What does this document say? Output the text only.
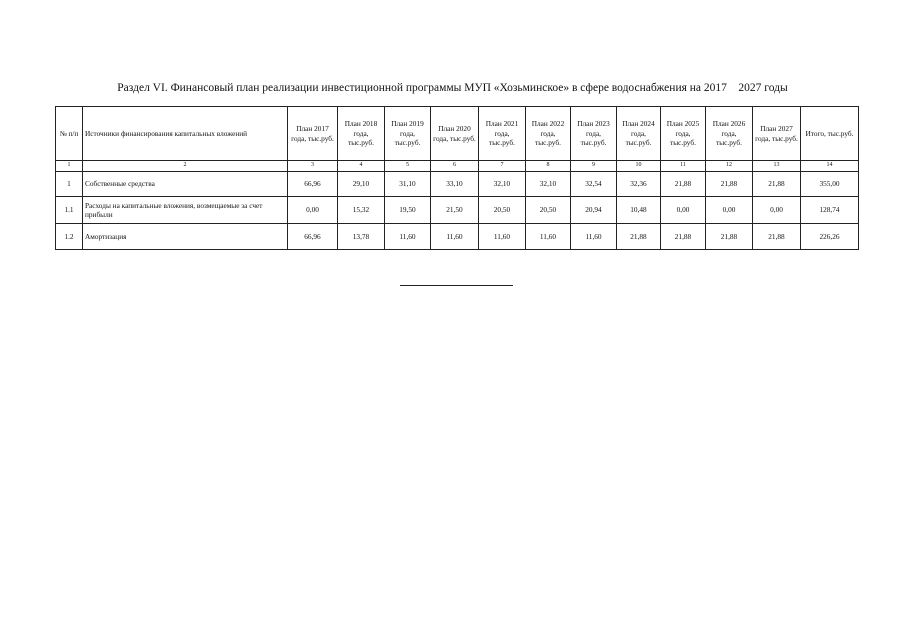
Раздел VI. Финансовый план реализации инвестиционной программы МУП «Хозьминское» в сфере водоснабжения на 2017    2027 годы
№ п/п	Источники финансирования капитальных вложений	План 2017 года, тыс.руб.	План 2018 года, тыс.руб.	План 2019 года, тыс.руб.	План 2020 года, тыс.руб.	План 2021 года, тыс.руб.	План 2022 года, тыс.руб.	План 2023 года, тыс.руб.	План 2024 года, тыс.руб.	План 2025 года, тыс.руб.	План 2026 года, тыс.руб.	План 2027 года, тыс.руб.	Итого, тыс.руб.
1	2	3	4	5	6	7	8	9	10	11	12	13	14
1	Собственные средства	66,96	29,10	31,10	33,10	32,10	32,10	32,54	32,36	21,88	21,88	21,88	355,00
1.1	Расходы на капитальные вложения, возмещаемые за счет прибыли	0,00	15,32	19,50	21,50	20,50	20,50	20,94	10,48	0,00	0,00	0,00	128,74
1.2	Амортизация	66,96	13,78	11,60	11,60	11,60	11,60	11,60	21,88	21,88	21,88	21,88	226,26
